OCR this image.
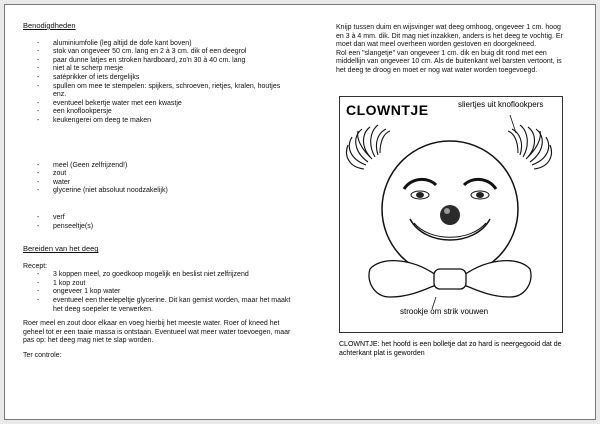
Benodigdheden
- aluminiumfolie (leg altijd de dofe kant boven)
- stok van ongeveer 50 cm. lang en 2 à 3 cm. dik of een deegrol
- paar dunne latjes en stroken hardboard, zo'n 30 à 40 cm. lang
- niet al te scherp mesje
- satéprikker of iets dergelijks
- spullen om mee te stempelen: spijkers, schroeven, rietjes, kralen, houtjes enz.
- eventueel bekertje water met een kwastje
- een knoflookpersje
- keukengerei om deeg te maken
- meel (Geen zelfrijzend!)
- zout
- water
- glycerine (niet absoluut noodzakelijk)
- verf
- penseeltje(s)
Bereiden van het deeg

Recept:

- 3 koppen meel, zo goedkoop mogelijk en beslist niet zelfrijzend
- 1 kop zout
- ongeveer 1 kop water
- eventueel een theelepeltje glycerine. Dit kan gemist worden, maar het maakt het deeg soepeler te verwerken.

Roer meel en zout door elkaar en voeg hierbij het meeste water. Roer of kneed het geheel tot er een taaie massa is ontstaan. Eventueel wat meer water toevoegen, maar pas op: het deeg mag niet te slap worden.

Ter controle:

Knijp tussen duim en wijsvinger wat deeg omhoog, ongeveer 1 cm. hoog en 3 à 4 mm. dik. Dit mag niet inzakken, anders is het deeg te vochtig. Er moet dan wat meel overheen worden gestoven en doorgekneed.

Rol een "slangetje" van ongeveer 1 cm. dik en buig dit rond met een middellijn van ongeveer 10 cm. Als de buitenkant wel barsten vertoont, is het deeg te droog en moet er nog wat water worden toegevoegd.

CLOWNTJE	sliertjes uit knoflookpers
strookje om strik vouwen
CLOWNTJE: het hoofd is een bolletje dat zo hard is neergegooid dat de achterkant plat is geworden
